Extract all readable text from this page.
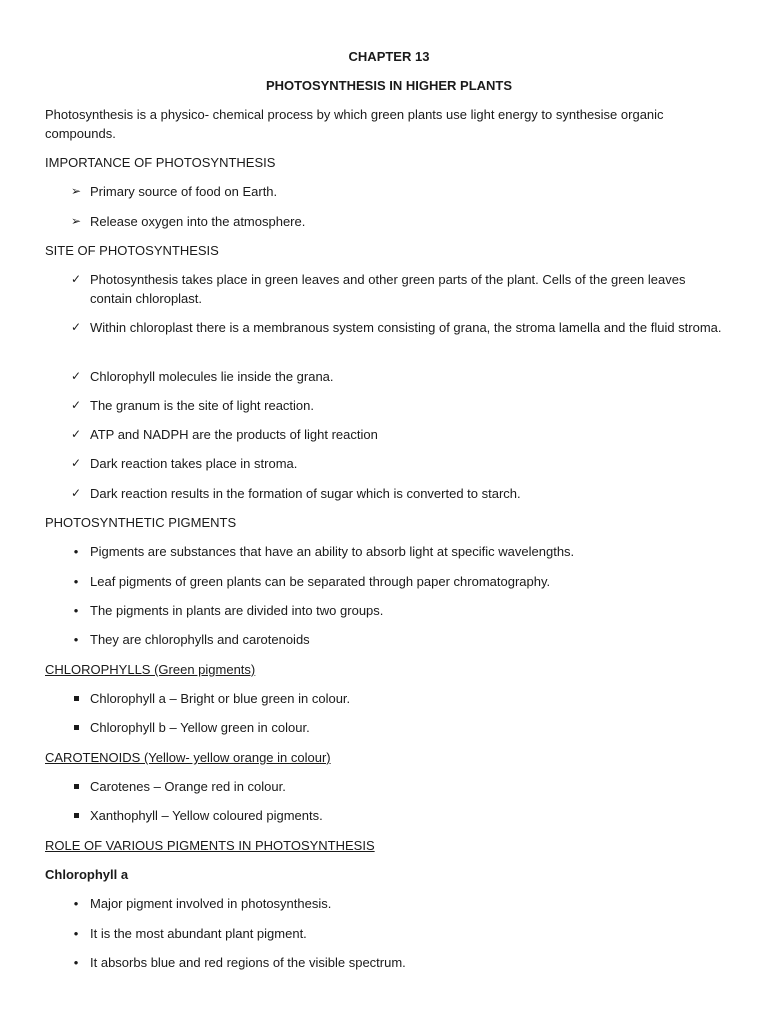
CHAPTER 13
PHOTOSYNTHESIS IN HIGHER PLANTS
Photosynthesis is a physico- chemical process by which green plants use light energy to synthesise organic compounds.
IMPORTANCE OF PHOTOSYNTHESIS
➢ Primary source of food on Earth.
➢ Release oxygen into the atmosphere.
SITE OF PHOTOSYNTHESIS
✓ Photosynthesis takes place in green leaves and other green parts of the plant. Cells of the green leaves contain chloroplast.
✓ Within chloroplast there is a membranous system consisting of grana, the stroma lamella and the fluid stroma.
✓ Chlorophyll molecules lie inside the grana.
✓ The granum is the site of light reaction.
✓ ATP and NADPH are the products of light reaction
✓ Dark reaction takes place in stroma.
✓ Dark reaction results in the formation of sugar which is converted to starch.
PHOTOSYNTHETIC PIGMENTS
• Pigments are substances that have an ability to absorb light at specific wavelengths.
• Leaf pigments of green plants can be separated through paper chromatography.
• The pigments in plants are divided into two groups.
• They are chlorophylls and carotenoids
CHLOROPHYLLS (Green pigments)
Chlorophyll a – Bright or blue green in colour.
Chlorophyll b – Yellow green in colour.
CAROTENOIDS (Yellow- yellow orange in colour)
Carotenes – Orange red in colour.
Xanthophyll – Yellow coloured pigments.
ROLE OF VARIOUS PIGMENTS IN PHOTOSYNTHESIS
Chlorophyll a
• Major pigment involved in photosynthesis.
• It is the most abundant plant pigment.
• It absorbs blue and red regions of the visible spectrum.
